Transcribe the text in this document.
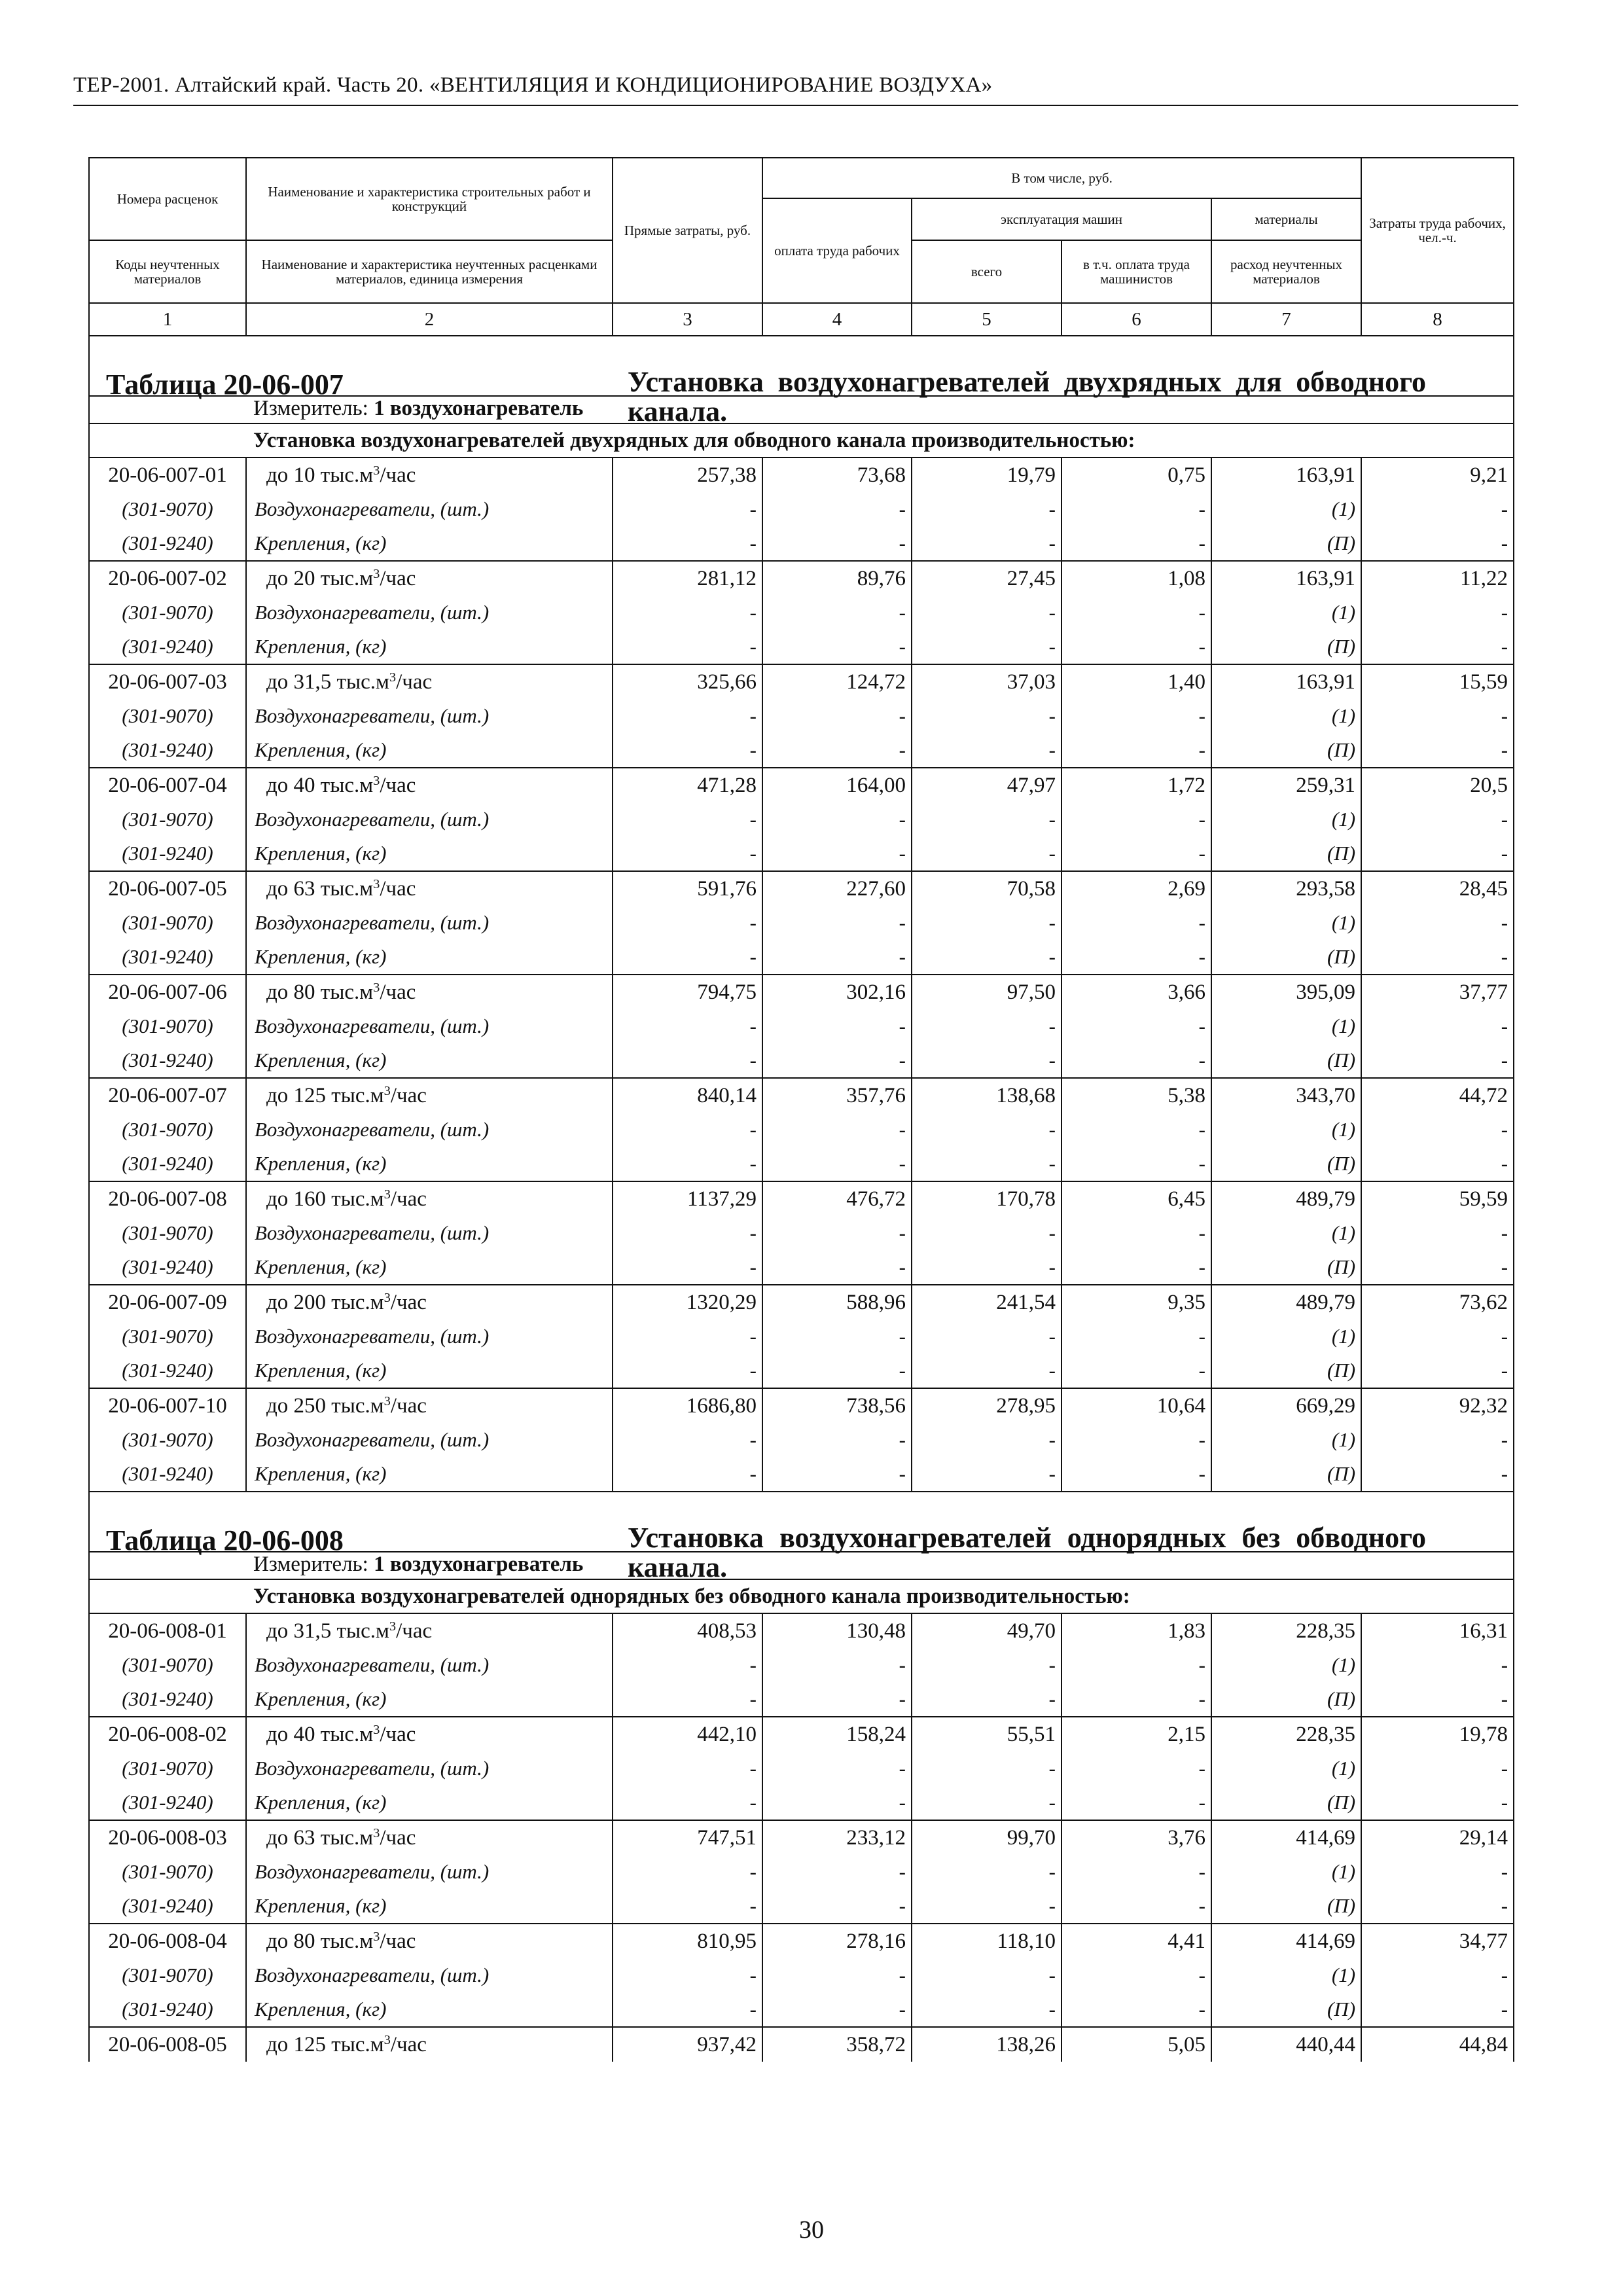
ТЕР-2001. Алтайский край. Часть 20. «ВЕНТИЛЯЦИЯ И КОНДИЦИОНИРОВАНИЕ ВОЗДУХА»
Номера расценок	Наименование и характеристика строительных работ и конструкций	Прямые затраты, руб.	В том числе, руб.				Затраты труда рабочих, чел.-ч.
			оплата труда рабочих	эксплуатация машин		материалы	
Коды неучтенных материалов	Наименование и характеристика неучтенных расценками материалов, единица измерения			всего	в т.ч. оплата труда машинистов	расход неучтенных материалов	

1	2	3	4	5	6	7	8

Таблица 20-06-007 Установка воздухонагревателей двухрядных для обводного канала.							

Измеритель: 1 воздухонагреватель							
Установка воздухонагревателей двухрядных для обводного канала производительностью:							
20-06-007-01	до 10 $тыс.м^3$/час	257,38	73,68	19,79	0,75	163,91	9,21
(301-9070)	Воздухонагреватели, (шт.)	-	-	-	-	(1)	-
(301-9240)	Крепления, (кг)	-	-	-	-	(П)	-
20-06-007-02	до 20 $тыс.м^3$/час	281,12	89,76	27,45	1,08	163,91	11,22
(301-9070)	Воздухонагреватели, (шт.)	-	-	-	-	(1)	-
(301-9240)	Крепления, (кг)	-	-	-	-	(П)	-
20-06-007-03	до 31,5 $тыс.м^3$/час	325,66	124,72	37,03	1,40	163,91	15,59
(301-9070)	Воздухонагреватели, (шт.)	-	-	-	-	(1)	-
(301-9240)	Крепления, (кг)	-	-	-	-	(П)	-
20-06-007-04	до 40 $тыс.м^3$/час	471,28	164,00	47,97	1,72	259,31	20,5
(301-9070)	Воздухонагреватели, (шт.)	-	-	-	-	(1)	-
(301-9240)	Крепления, (кг)	-	-	-	-	(П)	-
20-06-007-05	до 63 $тыс.м^3$/час	591,76	227,60	70,58	2,69	293,58	28,45
(301-9070)	Воздухонагреватели, (шт.)	-	-	-	-	(1)	-
(301-9240)	Крепления, (кг)	-	-	-	-	(П)	-
20-06-007-06	до 80 $тыс.м^3$/час	794,75	302,16	97,50	3,66	395,09	37,77
(301-9070)	Воздухонагреватели, (шт.)	-	-	-	-	(1)	-
(301-9240)	Крепления, (кг)	-	-	-	-	(П)	-
20-06-007-07	до 125 $тыс.м^3$/час	840,14	357,76	138,68	5,38	343,70	44,72
(301-9070)	Воздухонагреватели, (шт.)	-	-	-	-	(1)	-
(301-9240)	Крепления, (кг)	-	-	-	-	(П)	-
20-06-007-08	до 160 $тыс.м^3$/час	1137,29	476,72	170,78	6,45	489,79	59,59
(301-9070)	Воздухонагреватели, (шт.)	-	-	-	-	(1)	-
(301-9240)	Крепления, (кг)	-	-	-	-	(П)	-
20-06-007-09	до 200 $тыс.м^3$/час	1320,29	588,96	241,54	9,35	489,79	73,62
(301-9070)	Воздухонагреватели, (шт.)	-	-	-	-	(1)	-
(301-9240)	Крепления, (кг)	-	-	-	-	(П)	-
20-06-007-10	до 250 $тыс.м^3$/час	1686,80	738,56	278,95	10,64	669,29	92,32
(301-9070)	Воздухонагреватели, (шт.)	-	-	-	-	(1)	-
(301-9240)	Крепления, (кг)	-	-	-	-	(П)	-

Таблица 20-06-008 Установка воздухонагревателей однорядных без обводного канала.							

Измеритель: 1 воздухонагреватель							
Установка воздухонагревателей однорядных без обводного канала производительностью:							
20-06-008-01	до 31,5 $тыс.м^3$/час	408,53	130,48	49,70	1,83	228,35	16,31
(301-9070)	Воздухонагреватели, (шт.)	-	-	-	-	(1)	-
(301-9240)	Крепления, (кг)	-	-	-	-	(П)	-
20-06-008-02	до 40 $тыс.м^3$/час	442,10	158,24	55,51	2,15	228,35	19,78
(301-9070)	Воздухонагреватели, (шт.)	-	-	-	-	(1)	-
(301-9240)	Крепления, (кг)	-	-	-	-	(П)	-
20-06-008-03	до 63 $тыс.м^3$/час	747,51	233,12	99,70	3,76	414,69	29,14
(301-9070)	Воздухонагреватели, (шт.)	-	-	-	-	(1)	-
(301-9240)	Крепления, (кг)	-	-	-	-	(П)	-
20-06-008-04	до 80 $тыс.м^3$/час	810,95	278,16	118,10	4,41	414,69	34,77
(301-9070)	Воздухонагреватели, (шт.)	-	-	-	-	(1)	-
(301-9240)	Крепления, (кг)	-	-	-	-	(П)	-
20-06-008-05	до 125 $тыс.м^3$/час	937,42	358,72	138,26	5,05	440,44	44,84
30
